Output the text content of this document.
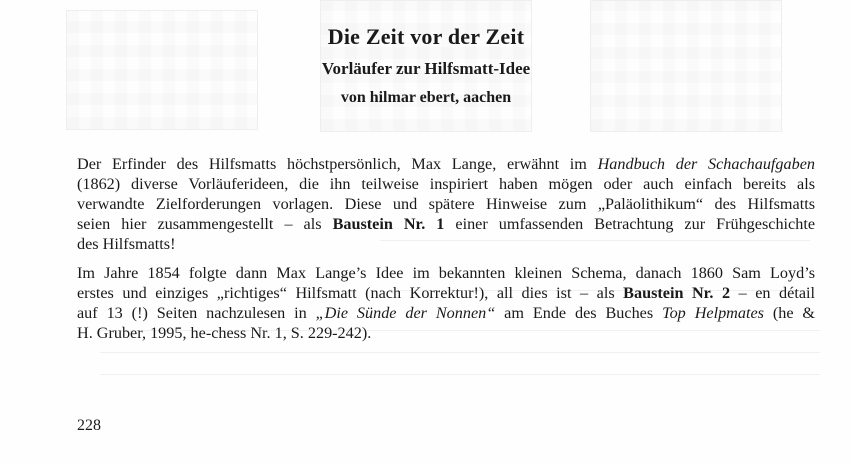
Die Zeit vor der Zeit
Vorläufer zur Hilfsmatt-Idee
von hilmar ebert, aachen
Der Erfinder des Hilfsmatts höchstpersönlich, Max Lange, erwähnt im Handbuch der Schachaufgaben
(1862) diverse Vorläuferideen, die ihn teilweise inspiriert haben mögen oder auch einfach bereits als
verwandte Zielforderungen vorlagen. Diese und spätere Hinweise zum „Paläolithikum“ des Hilfsmatts
seien hier zusammengestellt – als Baustein Nr. 1 einer umfassenden Betrachtung zur Frühgeschichte
des Hilfsmatts!
Im Jahre 1854 folgte dann Max Lange’s Idee im bekannten kleinen Schema, danach 1860 Sam Loyd’s
erstes und einziges „richtiges“ Hilfsmatt (nach Korrektur!), all dies ist – als Baustein Nr. 2 – en détail
auf 13 (!) Seiten nachzulesen in „Die Sünde der Nonnen“ am Ende des Buches Top Helpmates (he &
H. Gruber, 1995, he-chess Nr. 1, S. 229-242).
228
